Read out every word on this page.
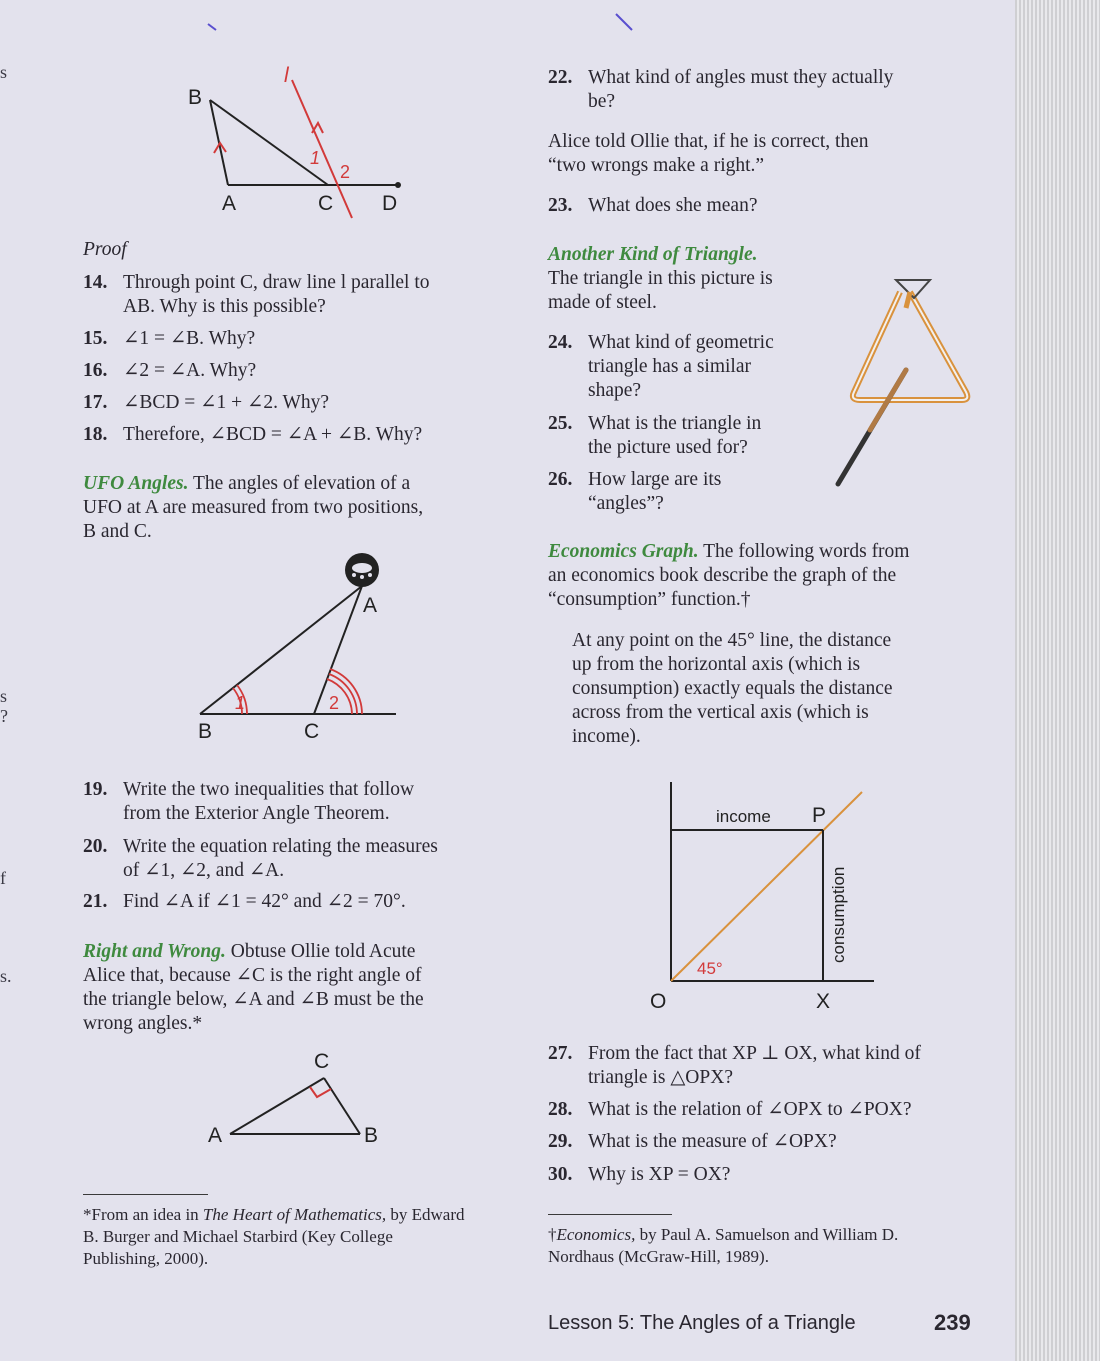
s
s
?
f
s.
B
A	C D
l
1
2
Proof
14. Through point C, draw line l parallel to
AB. Why is this possible?
15. ∠1 = ∠B. Why?
16. ∠2 = ∠A. Why?
17. ∠BCD = ∠1 + ∠2. Why?
18. Therefore, ∠BCD = ∠A + ∠B. Why?
UFO Angles. The angles of elevation of a
UFO at A are measured from two positions,
B and C.
A
B	C
1	2
19. Write the two inequalities that follow
from the Exterior Angle Theorem.
20. Write the equation relating the measures
of ∠1, ∠2, and ∠A.
21. Find ∠A if ∠1 = 42° and ∠2 = 70°.
Right and Wrong. Obtuse Ollie told Acute
Alice that, because ∠C is the right angle of
the triangle below, ∠A and ∠B must be the
wrong angles.*
C
A	B
*From an idea in The Heart of Mathematics, by Edward
B. Burger and Michael Starbird (Key College
Publishing, 2000).
22. What kind of angles must they actually
be?
Alice told Ollie that, if he is correct, then
“two wrongs make a right.”
23. What does she mean?
Another Kind of Triangle.
The triangle in this picture is
made of steel.
24. What kind of geometric
triangle has a similar
shape?
25. What is the triangle in
the picture used for?
26. How large are its
“angles”?
Economics Graph. The following words from
an economics book describe the graph of the
“consumption” function.†
At any point on the 45° line, the distance
up from the horizontal axis (which is
consumption) exactly equals the distance
across from the vertical axis (which is
income).
income P
consumption
45°
O	X
27. From the fact that XP ⊥ OX, what kind of
triangle is △OPX?
28. What is the relation of ∠OPX to ∠POX?
29. What is the measure of ∠OPX?
30. Why is XP = OX?
†Economics, by Paul A. Samuelson and William D.
Nordhaus (McGraw-Hill, 1989).
Lesson 5: The Angles of a Triangle	239
